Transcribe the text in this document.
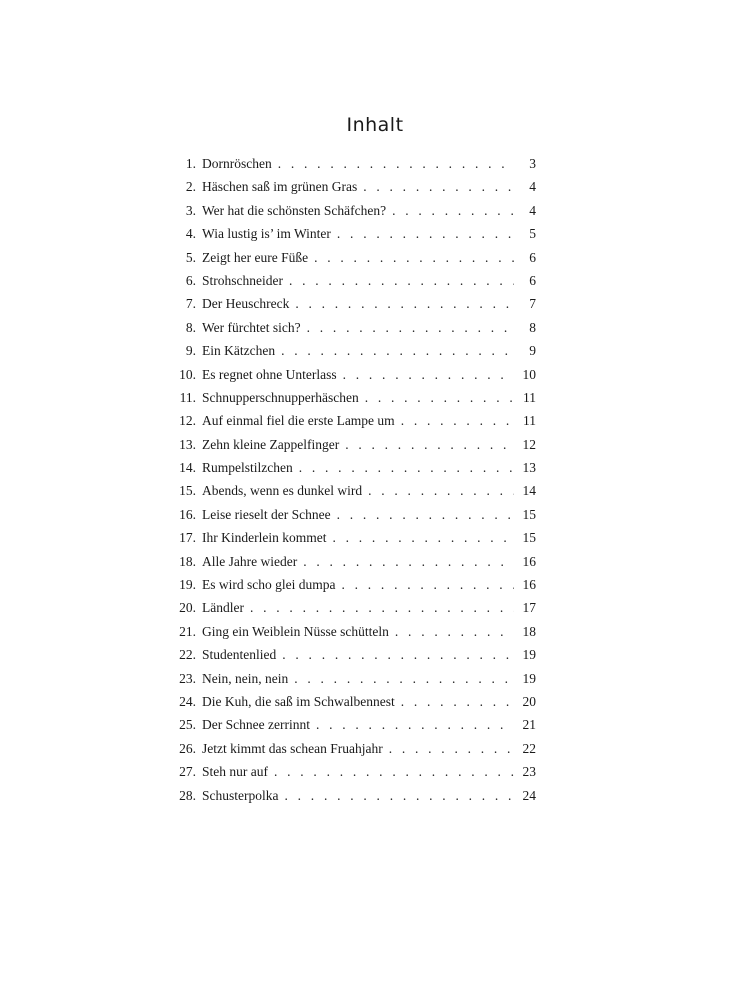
Inhalt
1. Dornröschen . . .	3
2. Häschen saß im grünen Gras . . .	4
3. Wer hat die schönsten Schäfchen? . . .	4
4. Wia lustig is’ im Winter . . .	5
5. Zeigt her eure Füße . . .	6
6. Strohschneider . . .	6
7. Der Heuschreck . . .	7
8. Wer fürchtet sich? . . .	8
9. Ein Kätzchen . . .	9
10. Es regnet ohne Unterlass . . .	10
11. Schnupperschnupperhäschen . . .	11
12. Auf einmal fiel die erste Lampe um . . .	11
13. Zehn kleine Zappelfinger . . .	12
14. Rumpelstilzchen . . .	13
15. Abends, wenn es dunkel wird . . .	14
16. Leise rieselt der Schnee . . .	15
17. Ihr Kinderlein kommet . . .	15
18. Alle Jahre wieder . . .	16
19. Es wird scho glei dumpa . . .	16
20. Ländler . . .	17
21. Ging ein Weiblein Nüsse schütteln . . .	18
22. Studentenlied . . .	19
23. Nein, nein, nein . . .	19
24. Die Kuh, die saß im Schwalbennest . . .	20
25. Der Schnee zerrinnt . . .	21
26. Jetzt kimmt das schean Fruahjahr . . .	22
27. Steh nur auf . . .	23
28. Schusterpolka . . .	24
